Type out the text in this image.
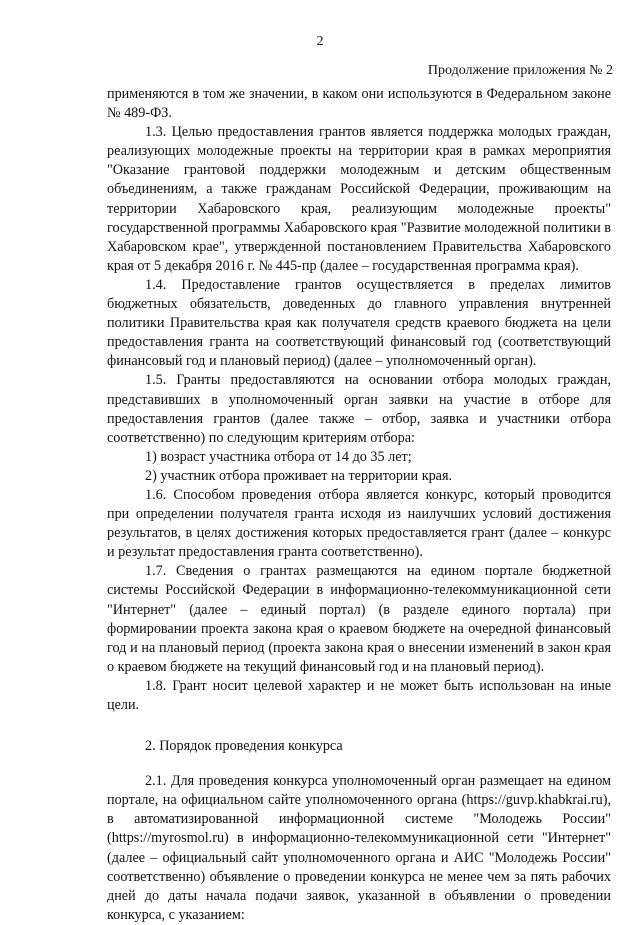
2
Продолжение приложения № 2

применяются в том же значении, в каком они используются в Федеральном законе № 489-ФЗ.

1.3. Целью предоставления грантов является поддержка молодых граждан, реализующих молодежные проекты на территории края в рамках мероприятия "Оказание грантовой поддержки молодежным и детским общественным объединениям, а также гражданам Российской Федерации, проживающим на территории Хабаровского края, реализующим молодежные проекты" государственной программы Хабаровского края "Развитие молодежной политики в Хабаровском крае", утвержденной постановлением Правительства Хабаровского края от 5 декабря 2016 г. № 445-пр (далее – государственная программа края).

1.4. Предоставление грантов осуществляется в пределах лимитов бюджетных обязательств, доведенных до главного управления внутренней политики Правительства края как получателя средств краевого бюджета на цели предоставления гранта на соответствующий финансовый год (соответствующий финансовый год и плановый период) (далее – уполномоченный орган).

1.5. Гранты предоставляются на основании отбора молодых граждан, представивших в уполномоченный орган заявки на участие в отборе для предоставления грантов (далее также – отбор, заявка и участники отбора соответственно) по следующим критериям отбора:

1) возраст участника отбора от 14 до 35 лет;

2) участник отбора проживает на территории края.

1.6. Способом проведения отбора является конкурс, который проводится при определении получателя гранта исходя из наилучших условий достижения результатов, в целях достижения которых предоставляется грант (далее – конкурс и результат предоставления гранта соответственно).

1.7. Сведения о грантах размещаются на едином портале бюджетной системы Российской Федерации в информационно-телекоммуникационной сети "Интернет" (далее – единый портал) (в разделе единого портала) при формировании проекта закона края о краевом бюджете на очередной финансовый год и на плановый период (проекта закона края о внесении изменений в закон края о краевом бюджете на текущий финансовый год и на плановый период).

1.8. Грант носит целевой характер и не может быть использован на иные цели.

2. Порядок проведения конкурса

2.1. Для проведения конкурса уполномоченный орган размещает на едином портале, на официальном сайте уполномоченного органа (https://guvp.khabkrai.ru), в автоматизированной информационной системе "Молодежь России" (https://myrosmol.ru) в информационно-телекоммуникационной сети "Интернет" (далее – официальный сайт уполномоченного органа и АИС "Молодежь России" соответственно) объявление о проведении конкурса не менее чем за пять рабочих дней до даты начала подачи заявок, указанной в объявлении о проведении конкурса, с указанием:
